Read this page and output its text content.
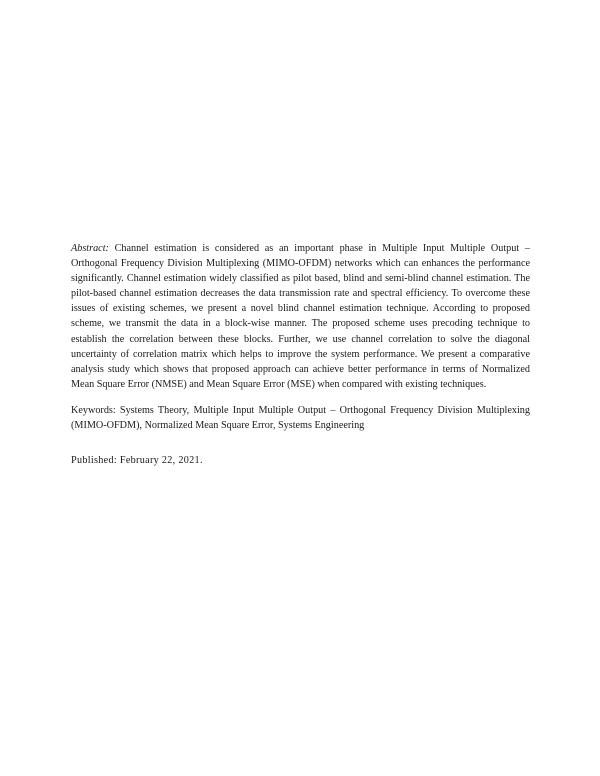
Abstract: Channel estimation is considered as an important phase in Multiple Input Multiple Output – Orthogonal Frequency Division Multiplexing (MIMO-OFDM) networks which can enhances the performance significantly. Channel estimation widely classified as pilot based, blind and semi-blind channel estimation. The pilot-based channel estimation decreases the data transmission rate and spectral efficiency. To overcome these issues of existing schemes, we present a novel blind channel estimation technique. According to proposed scheme, we transmit the data in a block-wise manner. The proposed scheme uses precoding technique to establish the correlation between these blocks. Further, we use channel correlation to solve the diagonal uncertainty of correlation matrix which helps to improve the system performance. We present a comparative analysis study which shows that proposed approach can achieve better performance in terms of Normalized Mean Square Error (NMSE) and Mean Square Error (MSE) when compared with existing techniques.

Keywords: Systems Theory, Multiple Input Multiple Output – Orthogonal Frequency Division Multiplexing (MIMO-OFDM), Normalized Mean Square Error, Systems Engineering

Published: February 22, 2021.
